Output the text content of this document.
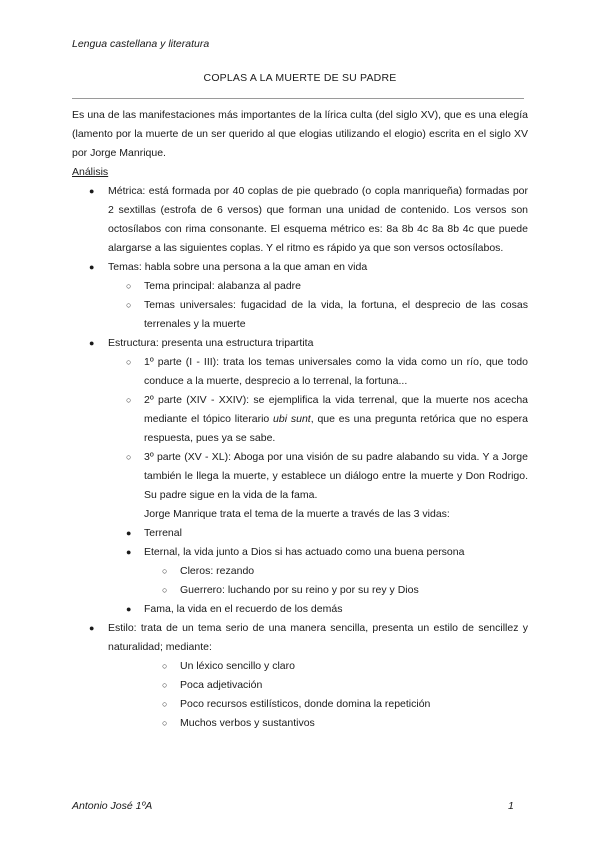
Lengua castellana y literatura
COPLAS A LA MUERTE DE SU PADRE

Es una de las manifestaciones más importantes de la lírica culta (del siglo XV), que es una elegía (lamento por la muerte de un ser querido al que elogias utilizando el elogio) escrita en el siglo XV por Jorge Manrique.

Análisis

● Métrica: está formada por 40 coplas de pie quebrado (o copla manriqueña) formadas por 2 sextillas (estrofa de 6 versos) que forman una unidad de contenido. Los versos son octosílabos con rima consonante. El esquema métrico es: 8a 8b 4c 8a 8b 4c que puede alargarse a las siguientes coplas. Y el ritmo es rápido ya que son versos octosílabos.
● Temas: habla sobre una persona a la que aman en vida
○ Tema principal: alabanza al padre
○ Temas universales: fugacidad de la vida, la fortuna, el desprecio de las cosas terrenales y la muerte
● Estructura: presenta una estructura tripartita
○ 1º parte (I - III): trata los temas universales como la vida como un río, que todo conduce a la muerte, desprecio a lo terrenal, la fortuna...
○ 2º parte (XIV - XXIV): se ejemplifica la vida terrenal, que la muerte nos acecha mediante el tópico literario ubi sunt, que es una pregunta retórica que no espera respuesta, pues ya se sabe.
○ 3º parte (XV - XL): Aboga por una visión de su padre alabando su vida. Y a Jorge también le llega la muerte, y establece un diálogo entre la muerte y Don Rodrigo. Su padre sigue en la vida de la fama.
Jorge Manrique trata el tema de la muerte a través de las 3 vidas:
● Terrenal
● Eternal, la vida junto a Dios si has actuado como una buena persona
○ Cleros: rezando
○ Guerrero: luchando por su reino y por su rey y Dios
● Fama, la vida en el recuerdo de los demás
● Estilo: trata de un tema serio de una manera sencilla, presenta un estilo de sencillez y naturalidad; mediante:
○ Un léxico sencillo y claro
○ Poca adjetivación
○ Poco recursos estilísticos, donde domina la repetición
○ Muchos verbos y sustantivos
Antonio José 1ºA	1
